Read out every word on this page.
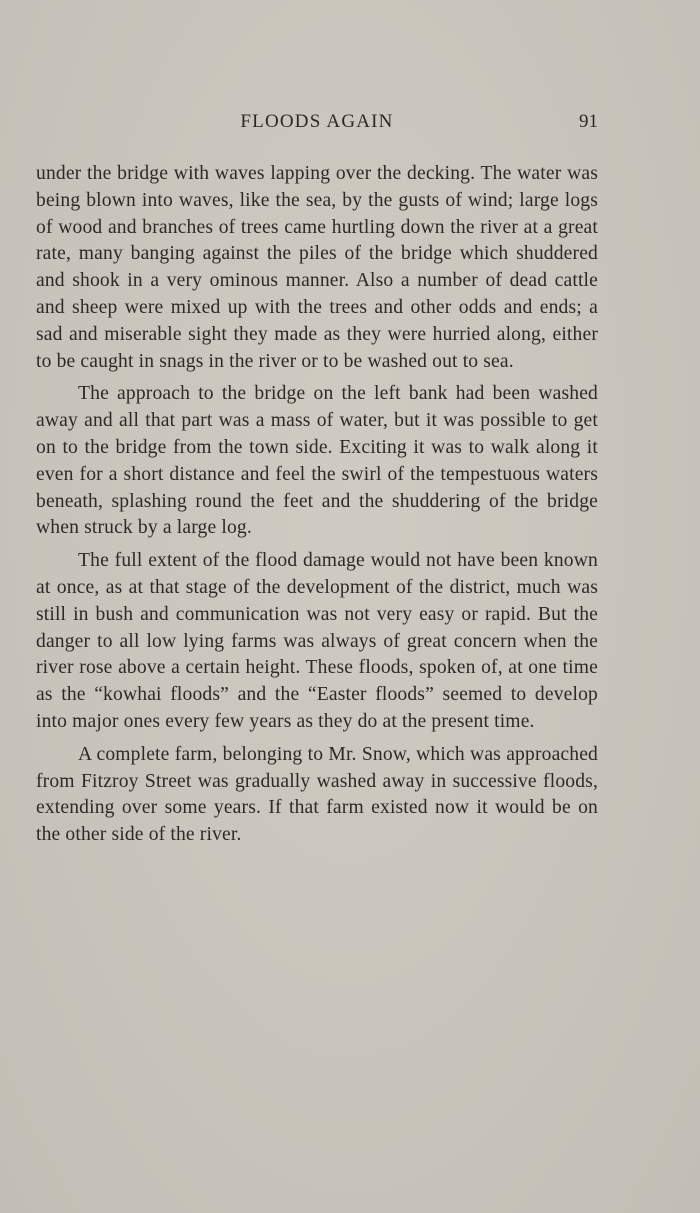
FLOODS AGAIN	91

under the bridge with waves lapping over the decking. The water was being blown into waves, like the sea, by the gusts of wind; large logs of wood and branches of trees came hurtling down the river at a great rate, many banging against the piles of the bridge which shuddered and shook in a very ominous manner. Also a number of dead cattle and sheep were mixed up with the trees and other odds and ends; a sad and miserable sight they made as they were hurried along, either to be caught in snags in the river or to be washed out to sea.

The approach to the bridge on the left bank had been washed away and all that part was a mass of water, but it was possible to get on to the bridge from the town side. Exciting it was to walk along it even for a short distance and feel the swirl of the tempestuous waters beneath, splashing round the feet and the shuddering of the bridge when struck by a large log.

The full extent of the flood damage would not have been known at once, as at that stage of the development of the district, much was still in bush and communication was not very easy or rapid. But the danger to all low lying farms was always of great concern when the river rose above a certain height. These floods, spoken of, at one time as the “kowhai floods” and the “Easter floods” seemed to develop into major ones every few years as they do at the present time.

A complete farm, belonging to Mr. Snow, which was approached from Fitzroy Street was gradually washed away in successive floods, extending over some years. If that farm existed now it would be on the other side of the river.
